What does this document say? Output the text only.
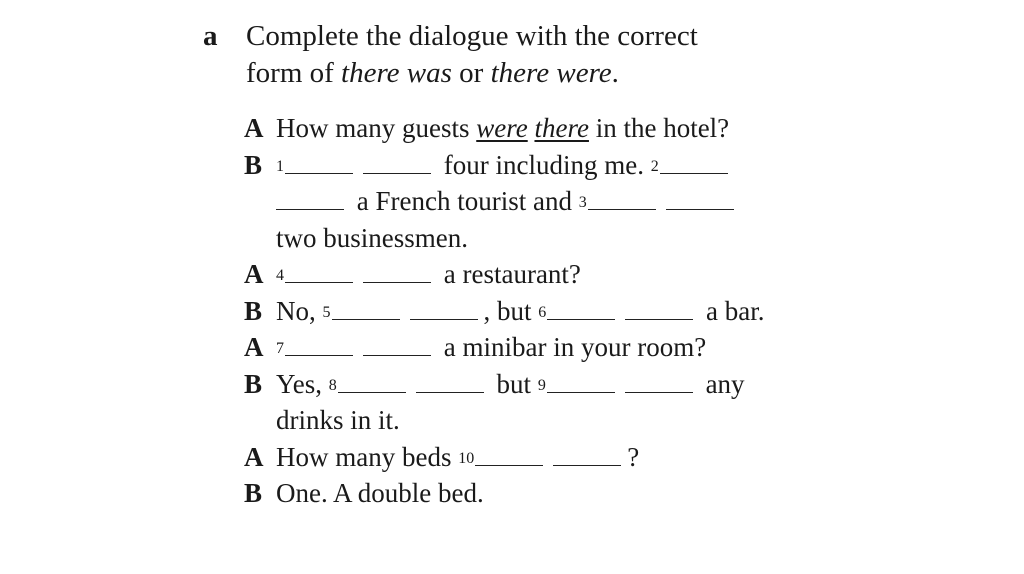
a Complete the dialogue with the correct
form of there was or there were.
A How many guests were there in the hotel?
B $^1$	four including me. $^2$
a French tourist and $^3$
two businessmen.
A $^4$	a restaurant?
B No, $^5$	, but $^6$	a bar.
A $^7$	a minibar in your room?
B Yes, $^8$	but $^9$	any drinks in it.
A How many beds $^{10}$	?
B One. A double bed.
